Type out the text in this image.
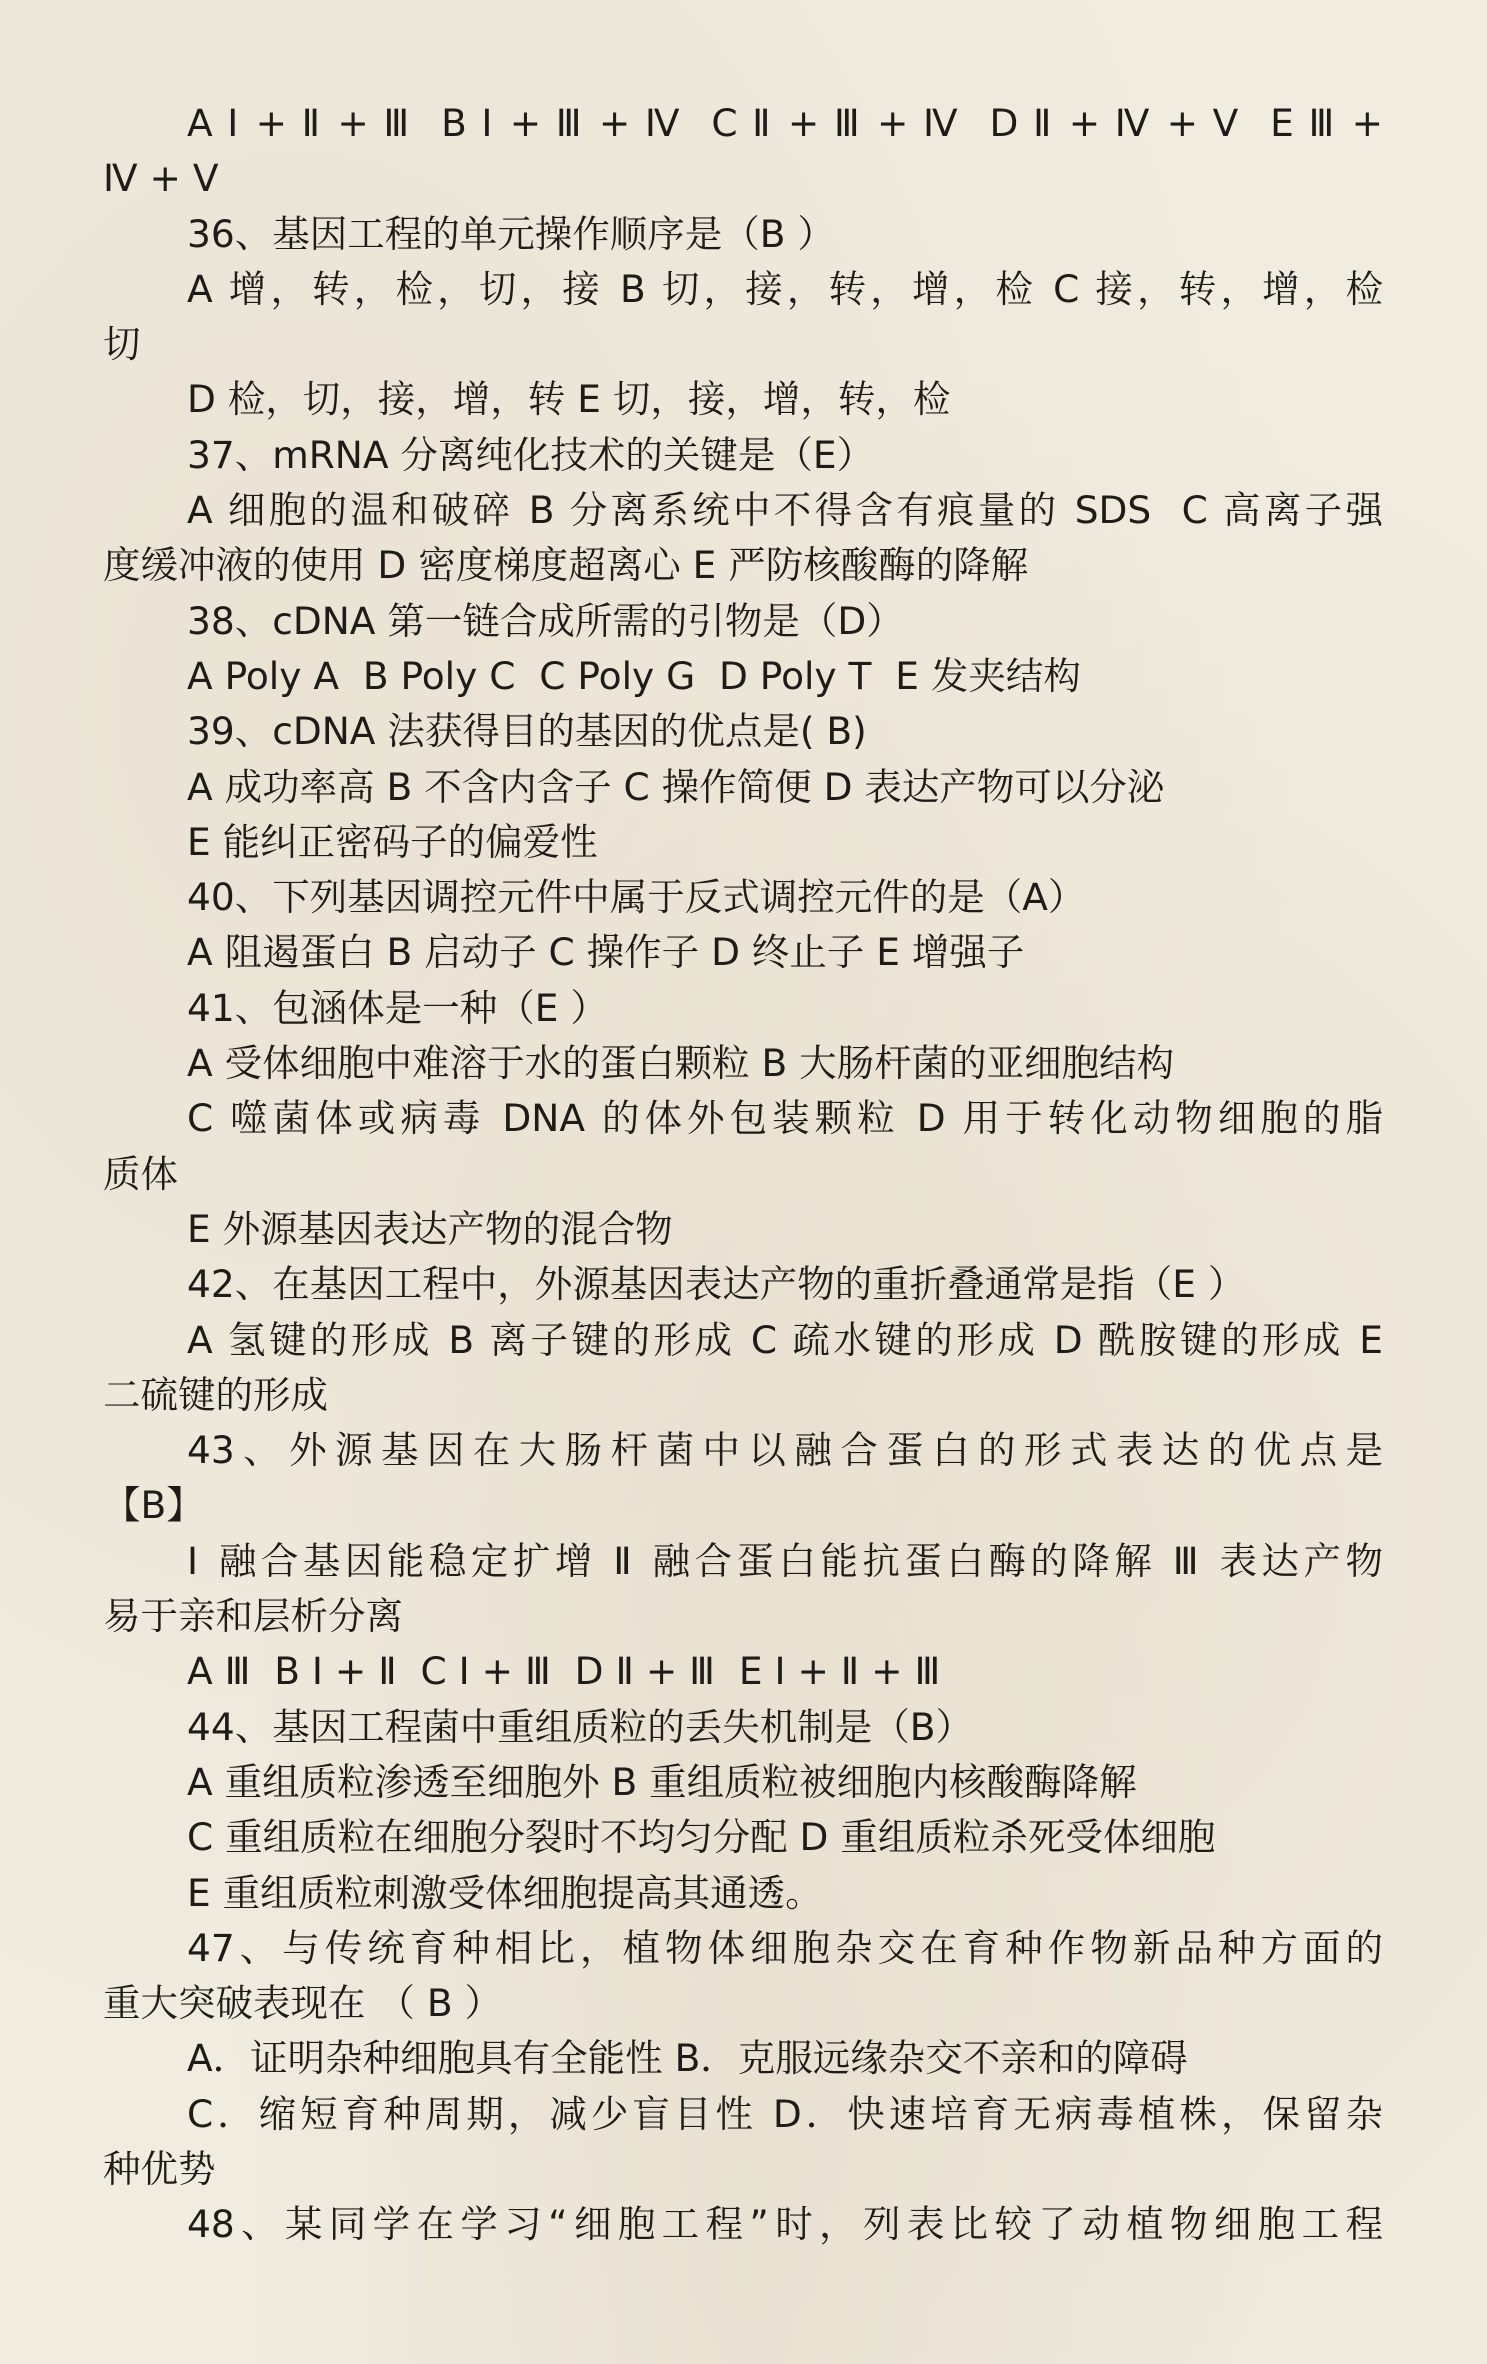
A Ⅰ + Ⅱ + Ⅲ  B Ⅰ + Ⅲ + Ⅳ  C Ⅱ + Ⅲ + Ⅳ  D Ⅱ + Ⅳ + Ⅴ  E Ⅲ +
Ⅳ + Ⅴ
36、基因工程的单元操作顺序是（B ）
A 增，转，检，切，接 B 切，接，转，增，检 C 接，转，增，检
切
D 检，切，接，增，转 E 切，接，增，转，检
37、mRNA 分离纯化技术的关键是（E）
A 细胞的温和破碎 B 分离系统中不得含有痕量的 SDS  C 高离子强
度缓冲液的使用 D 密度梯度超离心 E 严防核酸酶的降解
38、cDNA 第一链合成所需的引物是（D）
A Poly A  B Poly C  C Poly G  D Poly T  E 发夹结构
39、cDNA 法获得目的基因的优点是( B)
A 成功率高 B 不含内含子 C 操作简便 D 表达产物可以分泌
E 能纠正密码子的偏爱性
40、下列基因调控元件中属于反式调控元件的是（A）
A 阻遏蛋白 B 启动子 C 操作子 D 终止子 E 增强子
41、包涵体是一种（E ）
A 受体细胞中难溶于水的蛋白颗粒 B 大肠杆菌的亚细胞结构
C 噬菌体或病毒 DNA 的体外包装颗粒 D 用于转化动物细胞的脂
质体
E 外源基因表达产物的混合物
42、在基因工程中，外源基因表达产物的重折叠通常是指（E ）
A 氢键的形成 B 离子键的形成 C 疏水键的形成 D 酰胺键的形成 E
二硫键的形成
43、外源基因在大肠杆菌中以融合蛋白的形式表达的优点是
【B】
Ⅰ 融合基因能稳定扩增 Ⅱ 融合蛋白能抗蛋白酶的降解 Ⅲ 表达产物
易于亲和层析分离
A Ⅲ  B Ⅰ + Ⅱ  C Ⅰ + Ⅲ  D Ⅱ + Ⅲ  E Ⅰ + Ⅱ + Ⅲ
44、基因工程菌中重组质粒的丢失机制是（B）
A 重组质粒渗透至细胞外 B 重组质粒被细胞内核酸酶降解
C 重组质粒在细胞分裂时不均匀分配 D 重组质粒杀死受体细胞
E 重组质粒刺激受体细胞提高其通透。
47、与传统育种相比，植物体细胞杂交在育种作物新品种方面的
重大突破表现在 （ B ）
A．证明杂种细胞具有全能性 B．克服远缘杂交不亲和的障碍
C．缩短育种周期，减少盲目性 D．快速培育无病毒植株，保留杂
种优势
48、某同学在学习“细胞工程”时，列表比较了动植物细胞工程
